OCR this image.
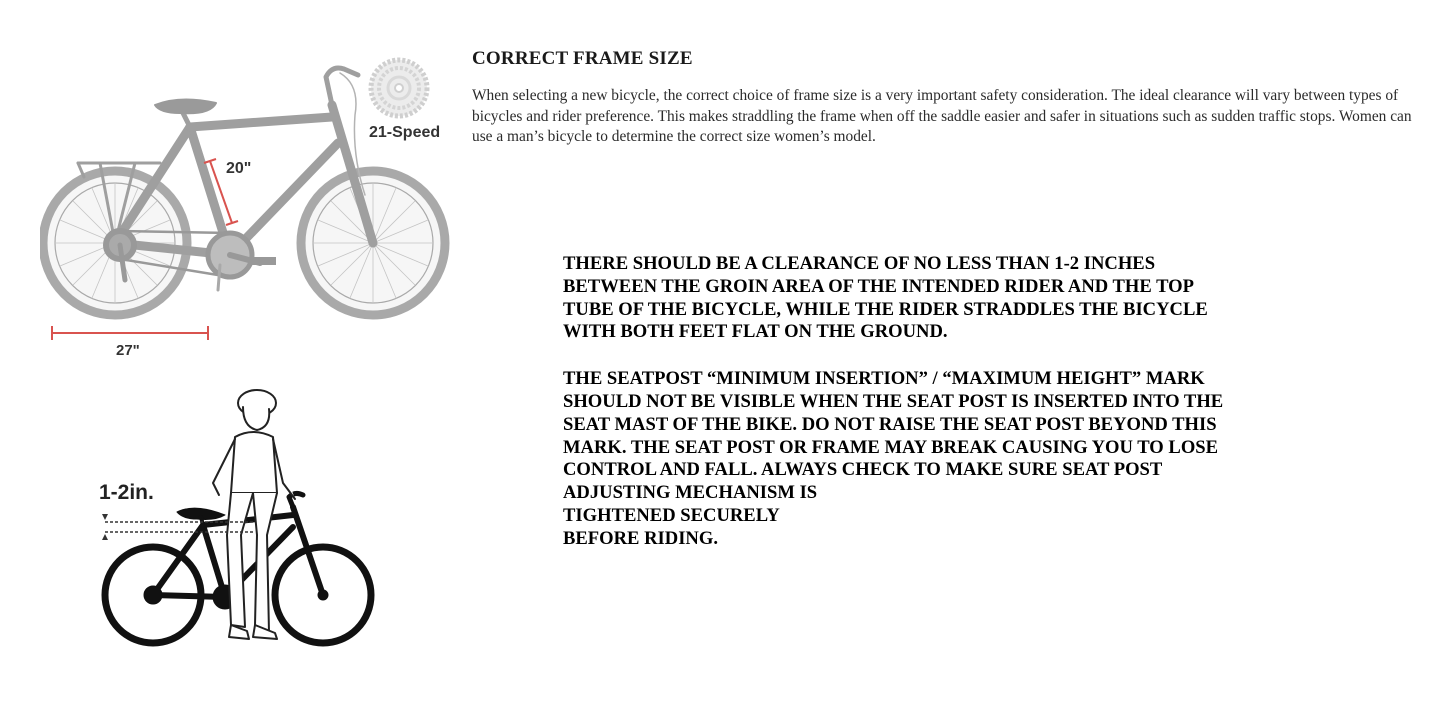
21-Speed
20"
27"
1-2in.
CORRECT FRAME SIZE
When selecting a new bicycle, the correct choice of frame size is a very important safety consideration. The ideal clearance will vary between types of bicycles and rider preference. This makes straddling the frame when off the saddle easier and safer in situations such as sudden traffic stops. Women can use a man’s bicycle to determine the correct size women’s model.

THERE SHOULD BE A CLEARANCE OF NO LESS THAN 1-2 INCHES

BETWEEN THE GROIN AREA OF THE INTENDED RIDER AND THE TOP

TUBE OF THE BICYCLE, WHILE THE RIDER STRADDLES THE BICYCLE

WITH BOTH FEET FLAT ON THE GROUND.

THE SEATPOST “MINIMUM INSERTION” / “MAXIMUM HEIGHT” MARK

SHOULD NOT BE VISIBLE WHEN THE SEAT POST IS INSERTED INTO THE

SEAT MAST OF THE BIKE. DO NOT RAISE THE SEAT POST BEYOND THIS

MARK. THE SEAT POST OR FRAME MAY BREAK CAUSING YOU TO LOSE

CONTROL AND FALL. ALWAYS CHECK TO MAKE SURE SEAT POST

ADJUSTING MECHANISM IS

TIGHTENED SECURELY

BEFORE RIDING.
